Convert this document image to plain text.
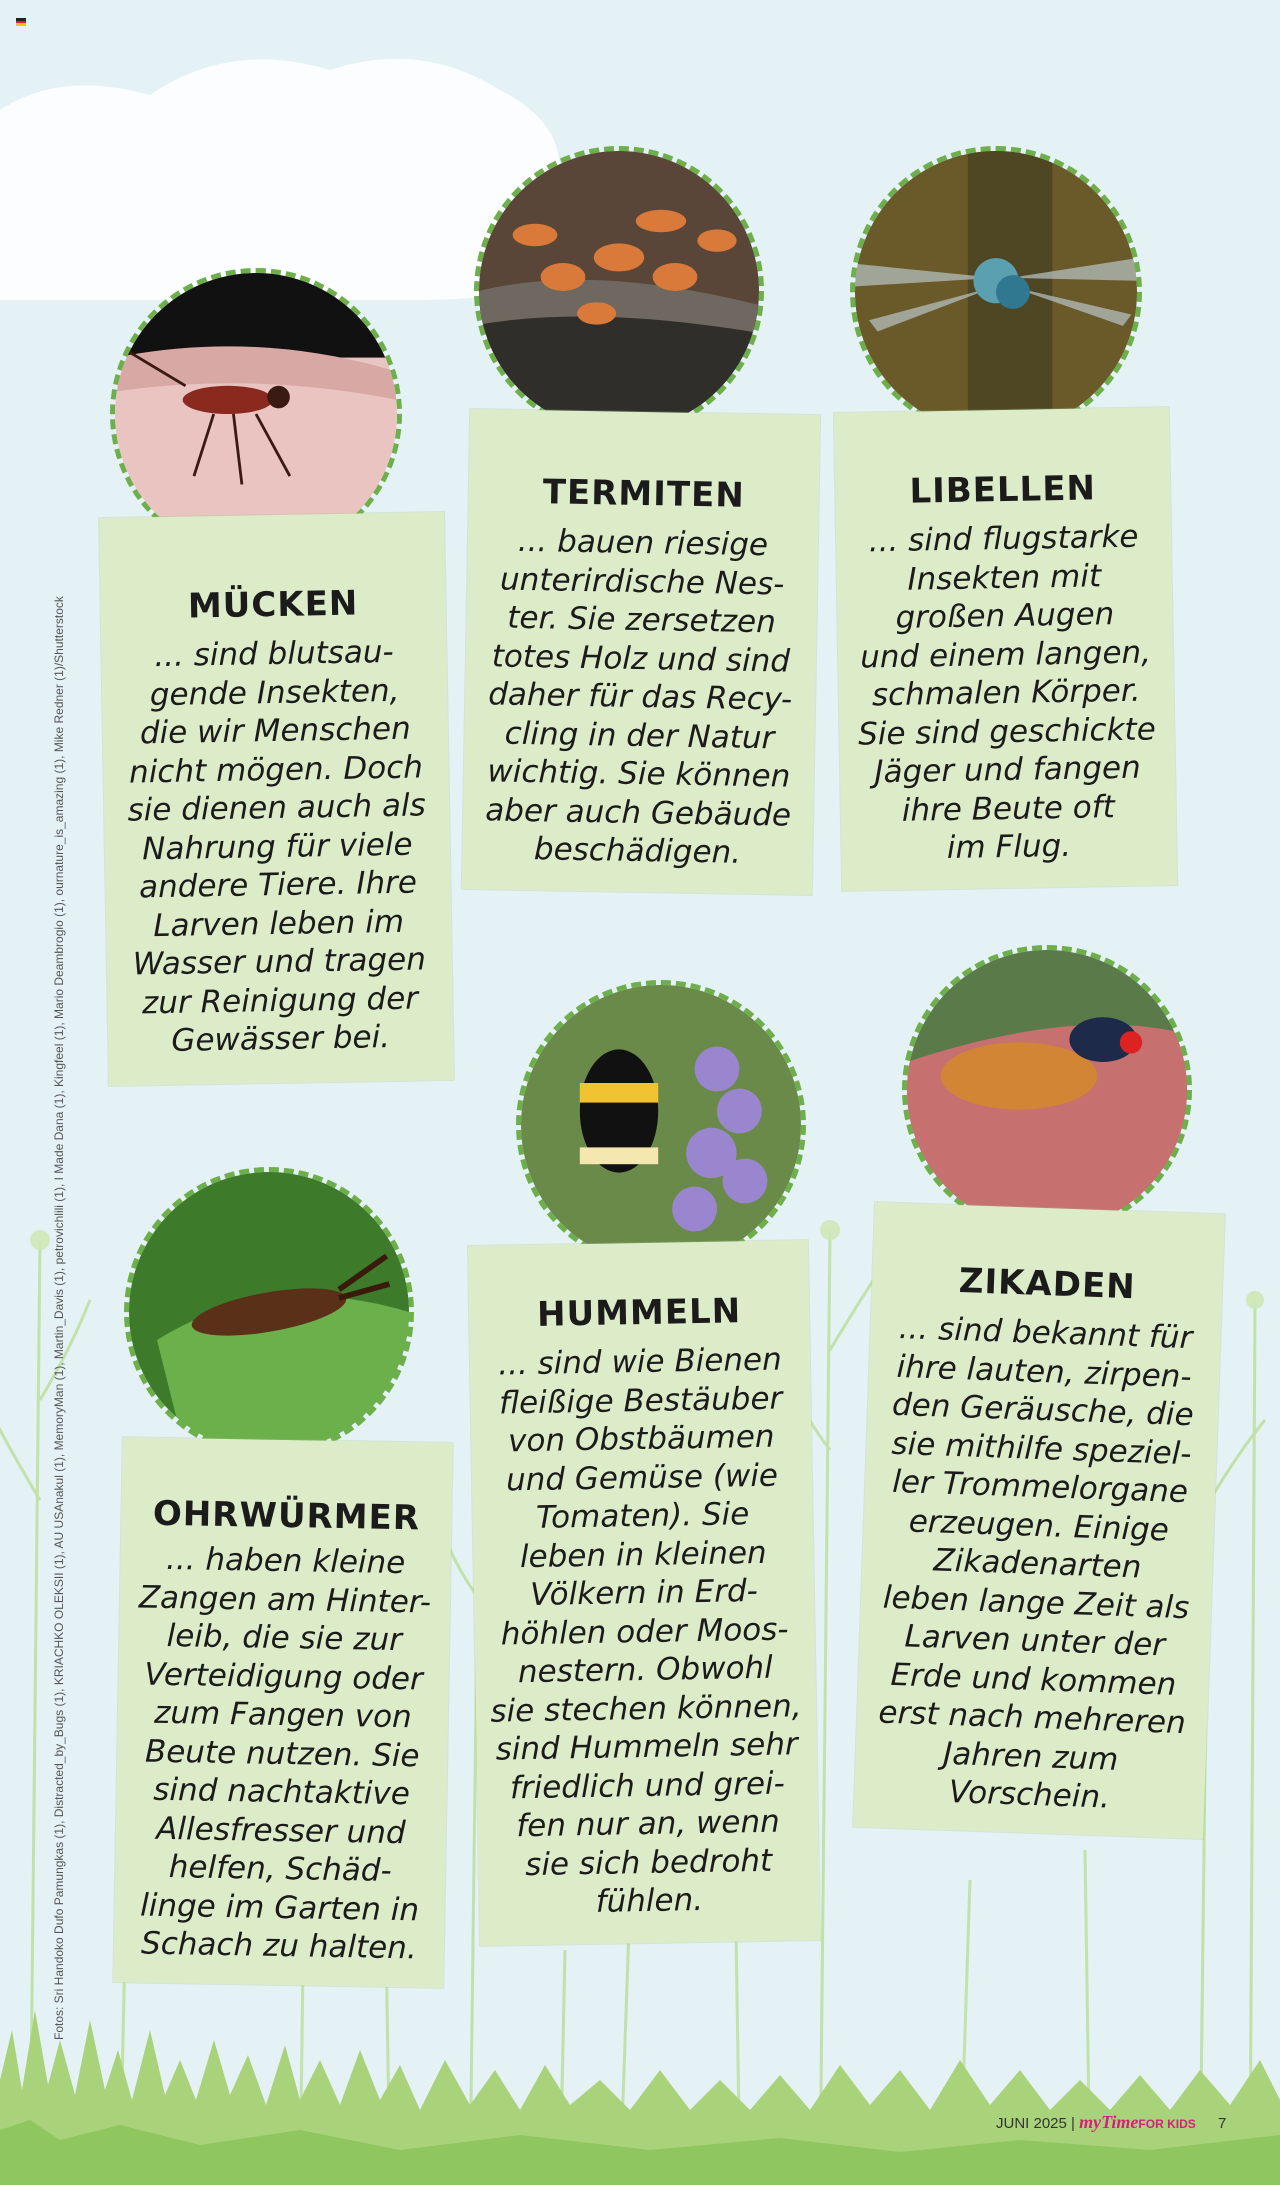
Fotos: Sri Handoko Dufo Pamungkas (1), Distracted_by_Bugs (1), KRIACHKO OLEKSII (1), AU USAnakul (1), MemoryMan (1), Martin_Davis (1), petrovichlili (1), I Made Dana (1), Kingfeel (1), Mario Deambrogio (1), ournature_is_amazing (1), Mike Redner (1)/Shutterstock	MÜCKEN

... sind blutsau-
gende Insekten,
die wir Menschen
nicht mögen. Doch
sie dienen auch als
Nahrung für viele
andere Tiere. Ihre
Larven leben im
Wasser und tragen
zur Reinigung der
Gewässer bei.

TERMITEN

... bauen riesige
unterirdische Nes-
ter. Sie zersetzen
totes Holz und sind
daher für das Recy-
cling in der Natur
wichtig. Sie können
aber auch Gebäude
beschädigen.

LIBELLEN

... sind flugstarke
Insekten mit
großen Augen
und einem langen,
schmalen Körper.
Sie sind geschickte
Jäger und fangen
ihre Beute oft
im Flug.

OHRWÜRMER

... haben kleine
Zangen am Hinter-
leib, die sie zur
Verteidigung oder
zum Fangen von
Beute nutzen. Sie
sind nachtaktive
Allesfresser und
helfen, Schäd-
linge im Garten in
Schach zu halten.

HUMMELN

... sind wie Bienen
fleißige Bestäuber
von Obstbäumen
und Gemüse (wie
Tomaten). Sie
leben in kleinen
Völkern in Erd-
höhlen oder Moos-
nestern. Obwohl
sie stechen können,
sind Hummeln sehr
friedlich und grei-
fen nur an, wenn
sie sich bedroht
fühlen.

ZIKADEN

... sind bekannt für
ihre lauten, zirpen-
den Geräusche, die
sie mithilfe speziel-
ler Trommelorgane
erzeugen. Einige
Zikadenarten
leben lange Zeit als
Larven unter der
Erde und kommen
erst nach mehreren
Jahren zum
Vorschein.

JUNI 2025 | myTimeFOR KIDS 7
